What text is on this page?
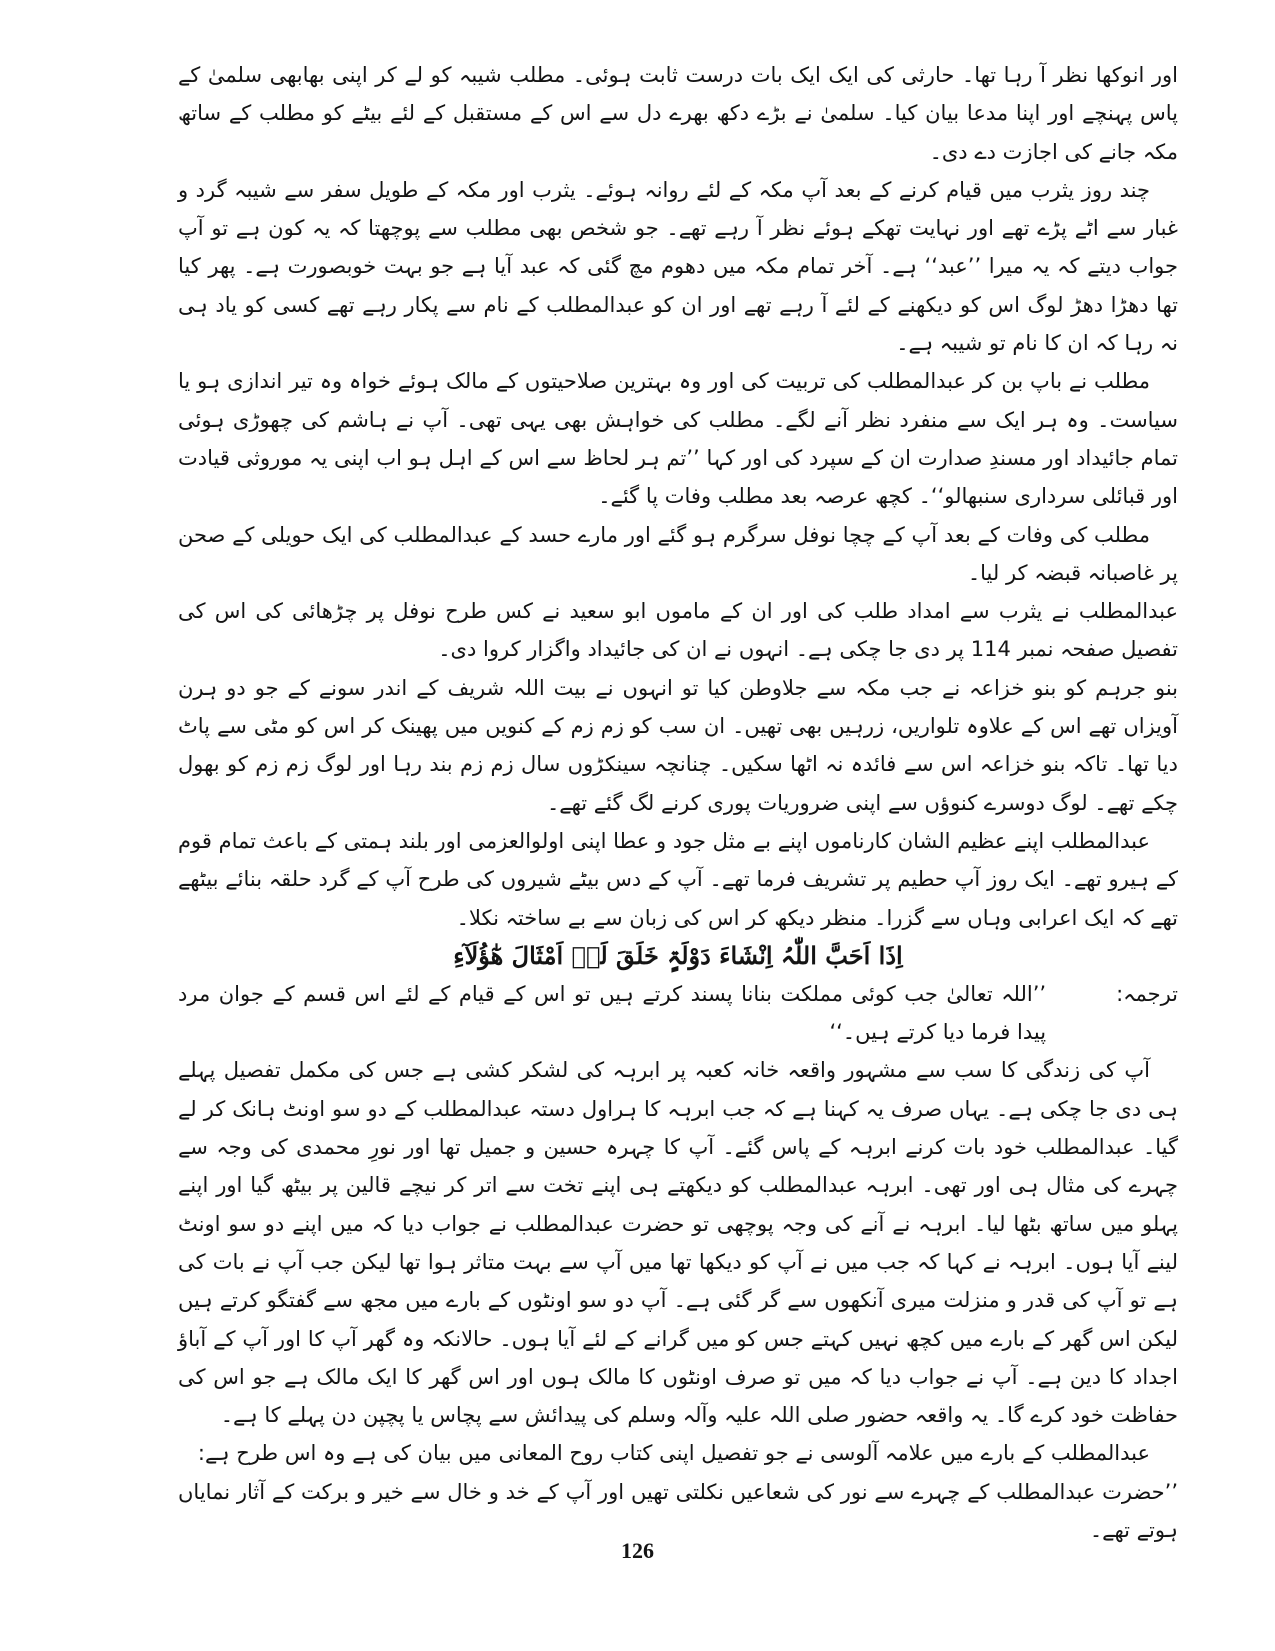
اور انوکھا نظر آ رہا تھا۔ حارثی کی ایک ایک بات درست ثابت ہوئی۔ مطلب شیبہ کو لے کر اپنی بھابھی سلمیٰ کے پاس پہنچے اور اپنا مدعا بیان کیا۔ سلمیٰ نے بڑے دکھ بھرے دل سے اس کے مستقبل کے لئے بیٹے کو مطلب کے ساتھ مکہ جانے کی اجازت دے دی۔

چند روز یثرب میں قیام کرنے کے بعد آپ مکہ کے لئے روانہ ہوئے۔ یثرب اور مکہ کے طویل سفر سے شیبہ گرد و غبار سے اٹے پڑے تھے اور نہایت تھکے ہوئے نظر آ رہے تھے۔ جو شخص بھی مطلب سے پوچھتا کہ یہ کون ہے تو آپ جواب دیتے کہ یہ میرا ’’عبد‘‘ ہے۔ آخر تمام مکہ میں دھوم مچ گئی کہ عبد آیا ہے جو بہت خوبصورت ہے۔ پھر کیا تھا دھڑا دھڑ لوگ اس کو دیکھنے کے لئے آ رہے تھے اور ان کو عبدالمطلب کے نام سے پکار رہے تھے کسی کو یاد ہی نہ رہا کہ ان کا نام تو شیبہ ہے۔

مطلب نے باپ بن کر عبدالمطلب کی تربیت کی اور وہ بہترین صلاحیتوں کے مالک ہوئے خواہ وہ تیر اندازی ہو یا سیاست۔ وہ ہر ایک سے منفرد نظر آنے لگے۔ مطلب کی خواہش بھی یہی تھی۔ آپ نے ہاشم کی چھوڑی ہوئی تمام جائیداد اور مسندِ صدارت ان کے سپرد کی اور کہا ’’تم ہر لحاظ سے اس کے اہل ہو اب اپنی یہ موروثی قیادت اور قبائلی سرداری سنبھالو‘‘۔ کچھ عرصہ بعد مطلب وفات پا گئے۔

مطلب کی وفات کے بعد آپ کے چچا نوفل سرگرم ہو گئے اور مارے حسد کے عبدالمطلب کی ایک حویلی کے صحن پر غاصبانہ قبضہ کر لیا۔

عبدالمطلب نے یثرب سے امداد طلب کی اور ان کے ماموں ابو سعید نے کس طرح نوفل پر چڑھائی کی اس کی تفصیل صفحہ نمبر 114 پر دی جا چکی ہے۔ انہوں نے ان کی جائیداد واگزار کروا دی۔

بنو جرہم کو بنو خزاعہ نے جب مکہ سے جلاوطن کیا تو انہوں نے بیت اللہ شریف کے اندر سونے کے جو دو ہرن آویزاں تھے اس کے علاوہ تلواریں، زرہیں بھی تھیں۔ ان سب کو زم زم کے کنویں میں پھینک کر اس کو مٹی سے پاٹ دیا تھا۔ تاکہ بنو خزاعہ اس سے فائدہ نہ اٹھا سکیں۔ چنانچہ سینکڑوں سال زم زم بند رہا اور لوگ زم زم کو بھول چکے تھے۔ لوگ دوسرے کنوؤں سے اپنی ضروریات پوری کرنے لگ گئے تھے۔

عبدالمطلب اپنے عظیم الشان کارناموں اپنے بے مثل جود و عطا اپنی اولوالعزمی اور بلند ہمتی کے باعث تمام قوم کے ہیرو تھے۔ ایک روز آپ حطیم پر تشریف فرما تھے۔ آپ کے دس بیٹے شیروں کی طرح آپ کے گرد حلقہ بنائے بیٹھے تھے کہ ایک اعرابی وہاں سے گزرا۔ منظر دیکھ کر اس کی زبان سے بے ساختہ نکلا۔

اِذَا اَحَبَّ اللّٰہُ اِنْشَاءَ دَوْلَۃٍ خَلَقَ لَہٗ اَمْثَالَ ھٰٓؤُلَآءِ

ترجمہ:
’’اللہ تعالیٰ جب کوئی مملکت بنانا پسند کرتے ہیں تو اس کے قیام کے لئے اس قسم کے جوان مرد پیدا فرما دیا کرتے ہیں۔‘‘

آپ کی زندگی کا سب سے مشہور واقعہ خانہ کعبہ پر ابرہہ کی لشکر کشی ہے جس کی مکمل تفصیل پہلے ہی دی جا چکی ہے۔ یہاں صرف یہ کہنا ہے کہ جب ابرہہ کا ہراول دستہ عبدالمطلب کے دو سو اونٹ ہانک کر لے گیا۔ عبدالمطلب خود بات کرنے ابرہہ کے پاس گئے۔ آپ کا چہرہ حسین و جمیل تھا اور نورِ محمدی کی وجہ سے چہرے کی مثال ہی اور تھی۔ ابرہہ عبدالمطلب کو دیکھتے ہی اپنے تخت سے اتر کر نیچے قالین پر بیٹھ گیا اور اپنے پہلو میں ساتھ بٹھا لیا۔ ابرہہ نے آنے کی وجہ پوچھی تو حضرت عبدالمطلب نے جواب دیا کہ میں اپنے دو سو اونٹ لینے آیا ہوں۔ ابرہہ نے کہا کہ جب میں نے آپ کو دیکھا تھا میں آپ سے بہت متاثر ہوا تھا لیکن جب آپ نے بات کی ہے تو آپ کی قدر و منزلت میری آنکھوں سے گر گئی ہے۔ آپ دو سو اونٹوں کے بارے میں مجھ سے گفتگو کرتے ہیں لیکن اس گھر کے بارے میں کچھ نہیں کہتے جس کو میں گرانے کے لئے آیا ہوں۔ حالانکہ وہ گھر آپ کا اور آپ کے آباؤ اجداد کا دین ہے۔ آپ نے جواب دیا کہ میں تو صرف اونٹوں کا مالک ہوں اور اس گھر کا ایک مالک ہے جو اس کی حفاظت خود کرے گا۔ یہ واقعہ حضور صلی اللہ علیہ وآلہ وسلم کی پیدائش سے پچاس یا پچپن دن پہلے کا ہے۔

عبدالمطلب کے بارے میں علامہ آلوسی نے جو تفصیل اپنی کتاب روح المعانی میں بیان کی ہے وہ اس طرح ہے:

’’حضرت عبدالمطلب کے چہرے سے نور کی شعاعیں نکلتی تھیں اور آپ کے خد و خال سے خیر و برکت کے آثار نمایاں ہوتے تھے۔

126
